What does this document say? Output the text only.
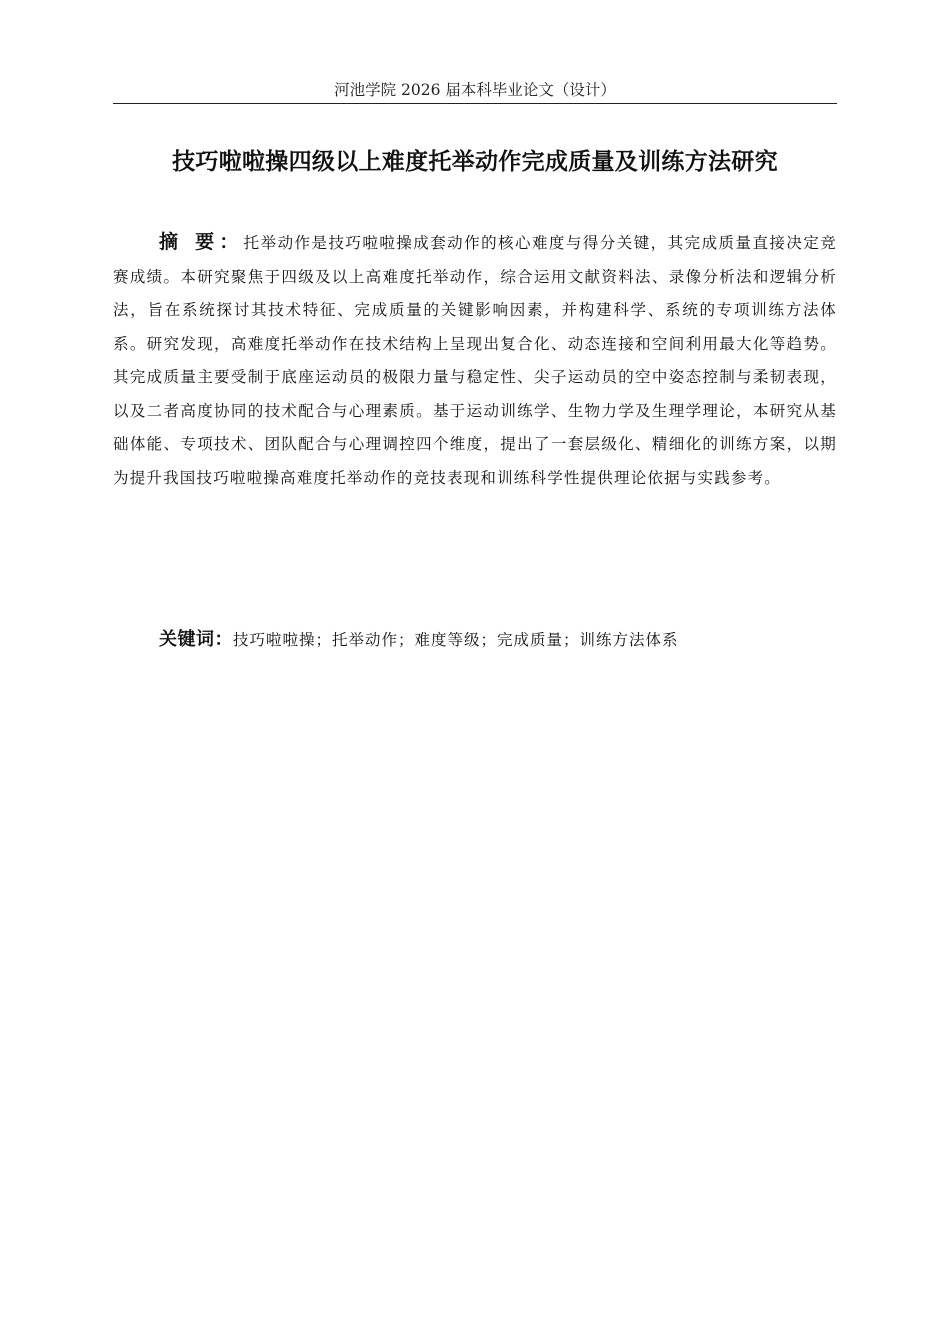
河池学院 2026 届本科毕业论文（设计）
技巧啦啦操四级以上难度托举动作完成质量及训练方法研究
摘 要：托举动作是技巧啦啦操成套动作的核心难度与得分关键，其完成质量直接决定竞赛成绩。本研究聚焦于四级及以上高难度托举动作，综合运用文献资料法、录像分析法和逻辑分析法，旨在系统探讨其技术特征、完成质量的关键影响因素，并构建科学、系统的专项训练方法体系。研究发现，高难度托举动作在技术结构上呈现出复合化、动态连接和空间利用最大化等趋势。其完成质量主要受制于底座运动员的极限力量与稳定性、尖子运动员的空中姿态控制与柔韧表现，以及二者高度协同的技术配合与心理素质。基于运动训练学、生物力学及生理学理论，本研究从基础体能、专项技术、团队配合与心理调控四个维度，提出了一套层级化、精细化的训练方案，以期为提升我国技巧啦啦操高难度托举动作的竞技表现和训练科学性提供理论依据与实践参考。
关键词：技巧啦啦操；托举动作；难度等级；完成质量；训练方法体系
